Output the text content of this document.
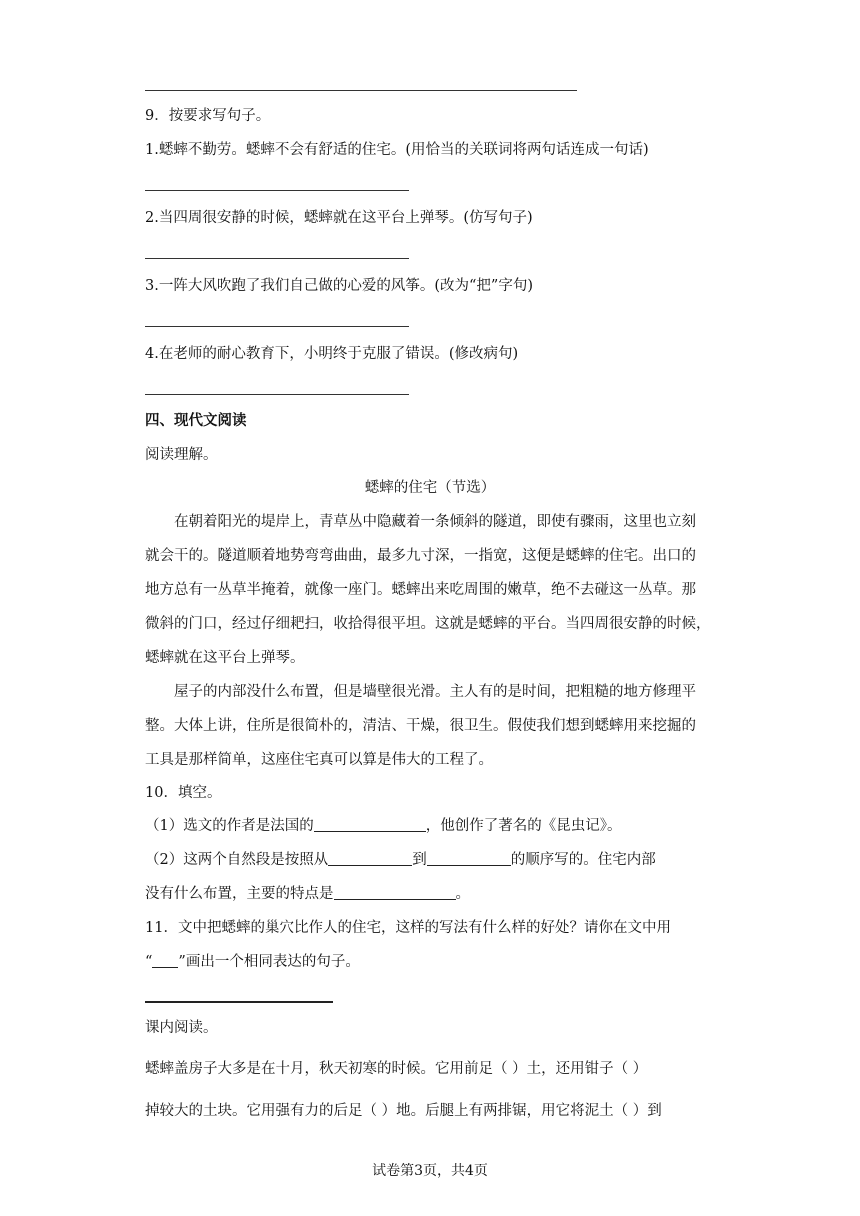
9．按要求写句子。
1.蟋蟀不勤劳。蟋蟀不会有舒适的住宅。(用恰当的关联词将两句话连成一句话)
2.当四周很安静的时候，蟋蟀就在这平台上弹琴。(仿写句子)
3.一阵大风吹跑了我们自己做的心爱的风筝。(改为“把”字句)
4.在老师的耐心教育下，小明终于克服了错误。(修改病句)
四、现代文阅读
阅读理解。
蟋蟀的住宅（节选）
在朝着阳光的堤岸上，青草丛中隐藏着一条倾斜的隧道，即使有骤雨，这里也立刻
就会干的。隧道顺着地势弯弯曲曲，最多九寸深，一指宽，这便是蟋蟀的住宅。出口的
地方总有一丛草半掩着，就像一座门。蟋蟀出来吃周围的嫩草，绝不去碰这一丛草。那
微斜的门口，经过仔细耙扫，收拾得很平坦。这就是蟋蟀的平台。当四周很安静的时候，
蟋蟀就在这平台上弹琴。
屋子的内部没什么布置，但是墙壁很光滑。主人有的是时间，把粗糙的地方修理平
整。大体上讲，住所是很简朴的，清洁、干燥，很卫生。假使我们想到蟋蟀用来挖掘的
工具是那样简单，这座住宅真可以算是伟大的工程了。
10．填空。
（1）选文的作者是法国的	，他创作了著名的《昆虫记》。
（2）这两个自然段是按照从	到	的顺序写的。住宅内部
没有什么布置，主要的特点是	。
11．文中把蟋蟀的巢穴比作人的住宅，这样的写法有什么样的好处？请你在文中用
“ ”画出一个相同表达的句子。
课内阅读。
蟋蟀盖房子大多是在十月，秋天初寒的时候。它用前足（ ）土，还用钳子（ ）
掉较大的土块。它用强有力的后足（ ）地。后腿上有两排锯，用它将泥土（ ）到
试卷第3页，共4页
